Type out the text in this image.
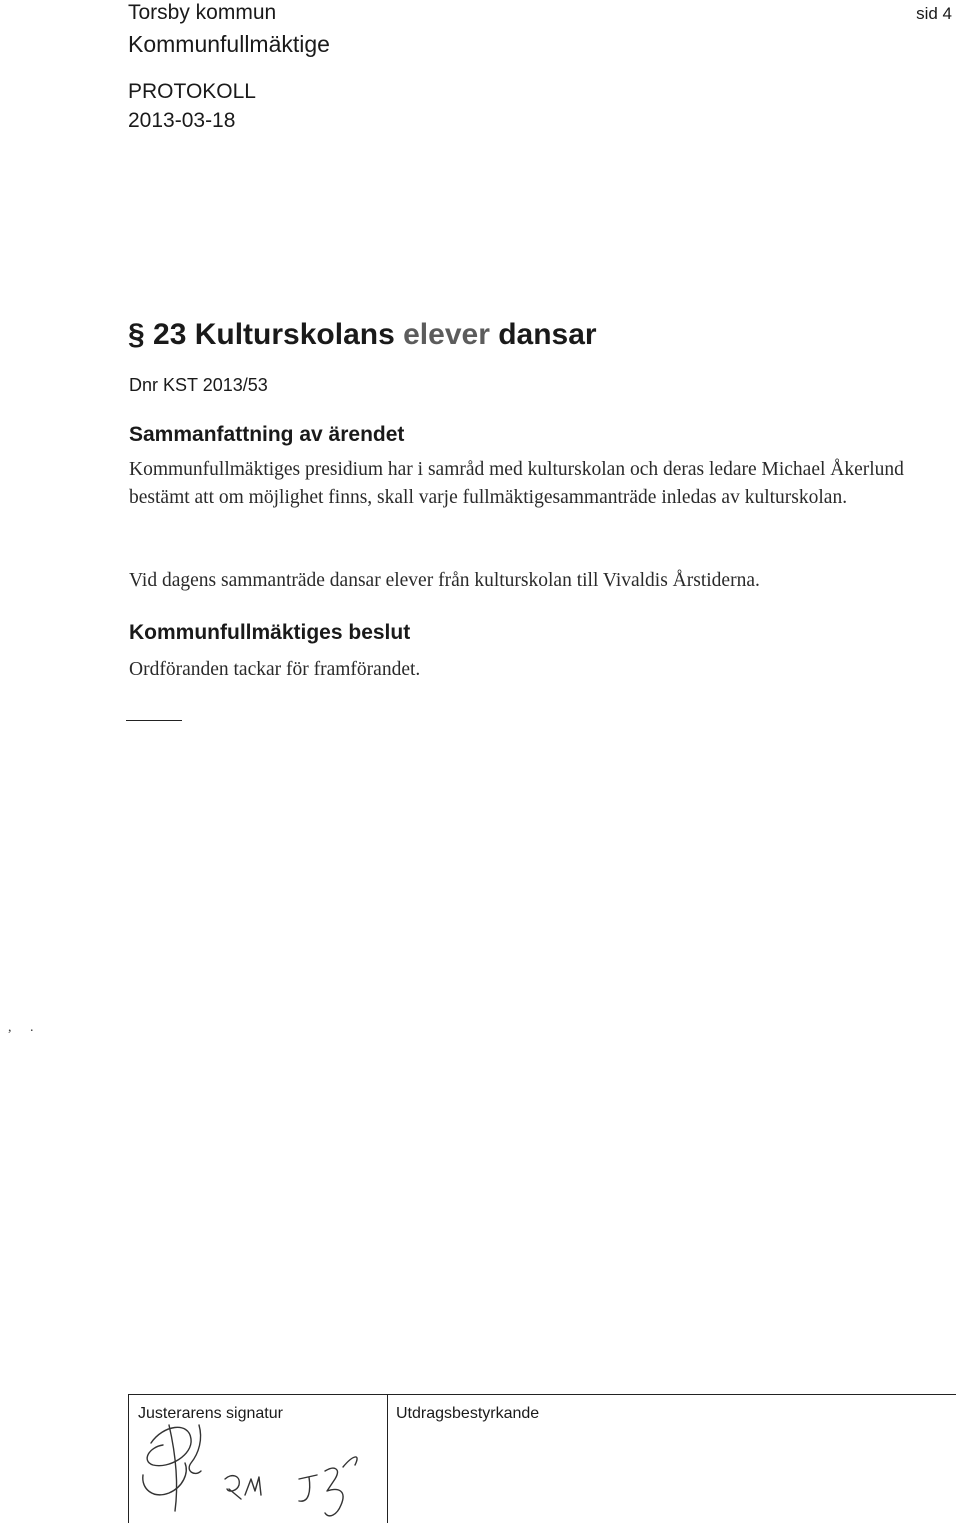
Torsby kommun
Kommunfullmäktige
PROTOKOLL
2013-03-18
sid 4
§ 23 Kulturskolans elever dansar
Dnr KST 2013/53
Sammanfattning av ärendet

Kommunfullmäktiges presidium har i samråd med kulturskolan och deras ledare Michael Åkerlund bestämt att om möjlighet finns, skall varje fullmäktigesammanträde inledas av kulturskolan.

Vid dagens sammanträde dansar elever från kulturskolan till Vivaldis Årstiderna.

Kommunfullmäktiges beslut

Ordföranden tackar för framförandet.

, .
Justerarens signatur	Utdragsbestyrkande
